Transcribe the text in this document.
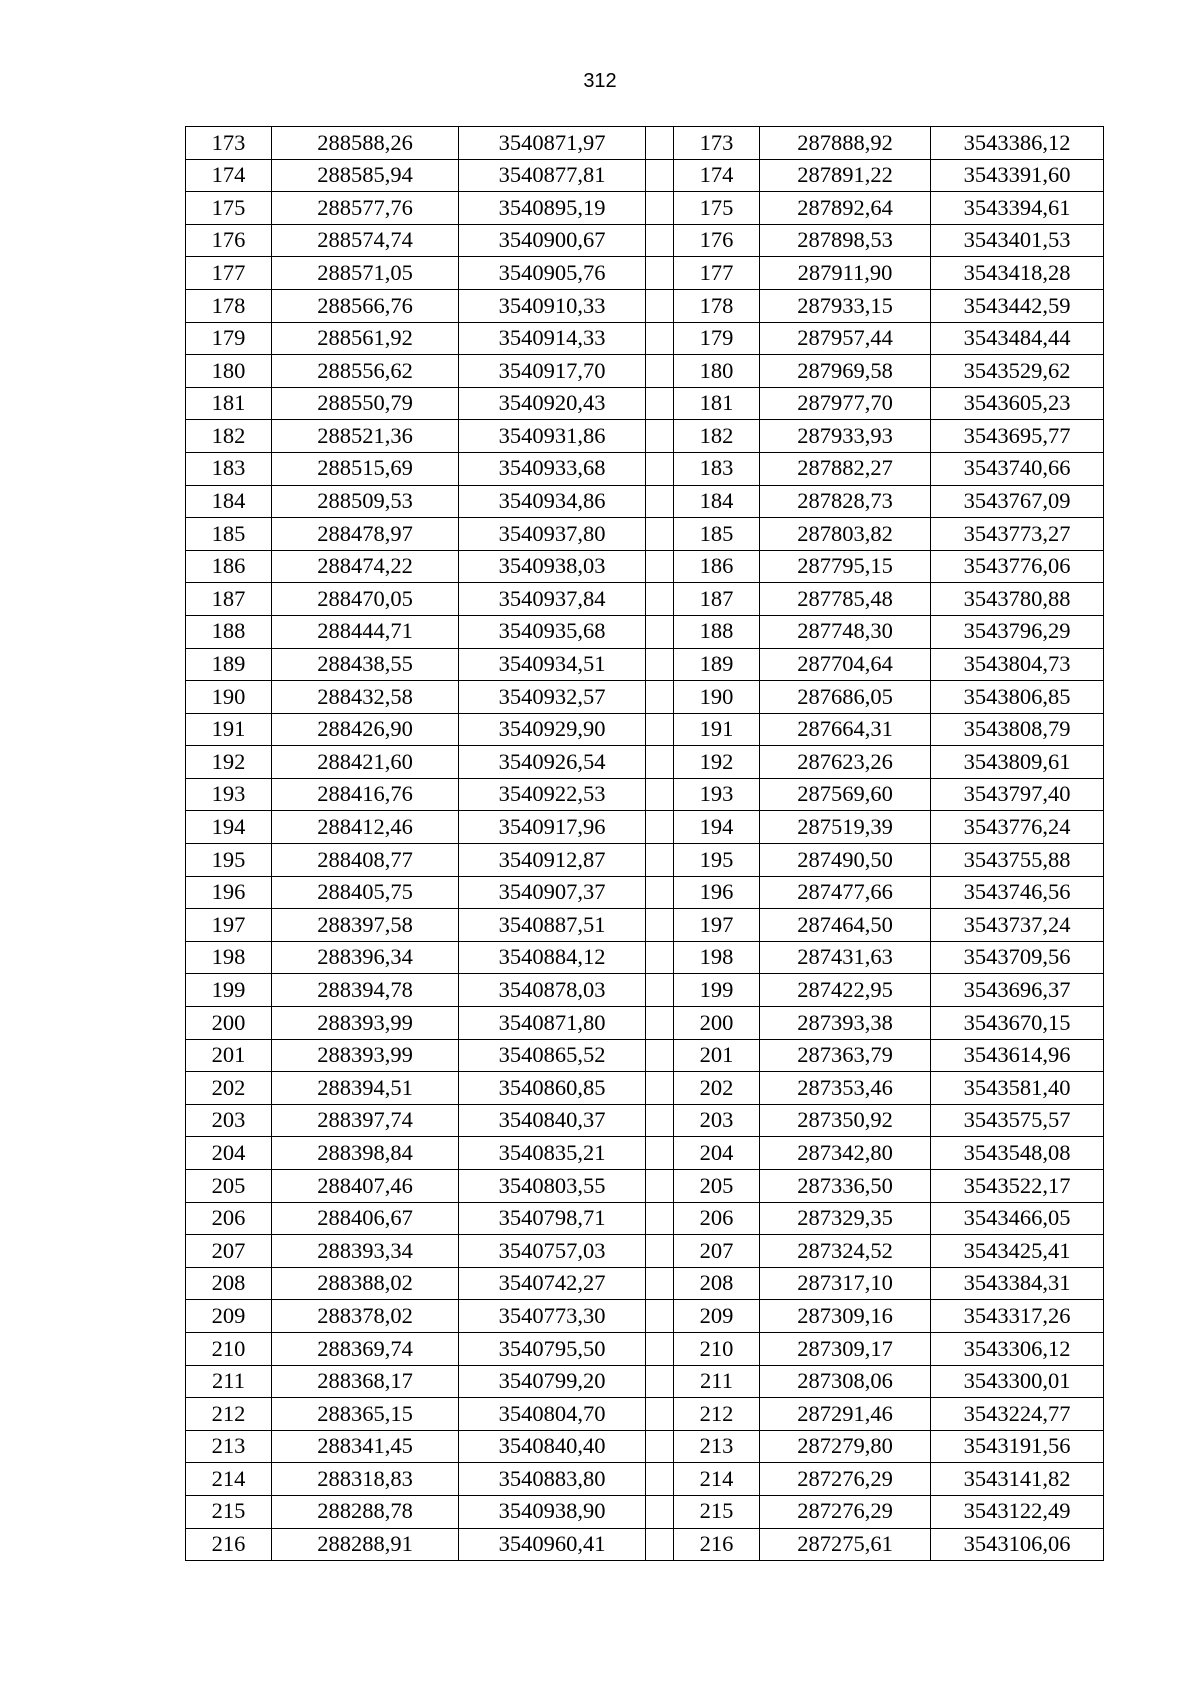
312
173	288588,26	3540871,97		173	287888,92	3543386,12
174	288585,94	3540877,81		174	287891,22	3543391,60
175	288577,76	3540895,19		175	287892,64	3543394,61
176	288574,74	3540900,67		176	287898,53	3543401,53
177	288571,05	3540905,76		177	287911,90	3543418,28
178	288566,76	3540910,33		178	287933,15	3543442,59
179	288561,92	3540914,33		179	287957,44	3543484,44
180	288556,62	3540917,70		180	287969,58	3543529,62
181	288550,79	3540920,43		181	287977,70	3543605,23
182	288521,36	3540931,86		182	287933,93	3543695,77
183	288515,69	3540933,68		183	287882,27	3543740,66
184	288509,53	3540934,86		184	287828,73	3543767,09
185	288478,97	3540937,80		185	287803,82	3543773,27
186	288474,22	3540938,03		186	287795,15	3543776,06
187	288470,05	3540937,84		187	287785,48	3543780,88
188	288444,71	3540935,68		188	287748,30	3543796,29
189	288438,55	3540934,51		189	287704,64	3543804,73
190	288432,58	3540932,57		190	287686,05	3543806,85
191	288426,90	3540929,90		191	287664,31	3543808,79
192	288421,60	3540926,54		192	287623,26	3543809,61
193	288416,76	3540922,53		193	287569,60	3543797,40
194	288412,46	3540917,96		194	287519,39	3543776,24
195	288408,77	3540912,87		195	287490,50	3543755,88
196	288405,75	3540907,37		196	287477,66	3543746,56
197	288397,58	3540887,51		197	287464,50	3543737,24
198	288396,34	3540884,12		198	287431,63	3543709,56
199	288394,78	3540878,03		199	287422,95	3543696,37
200	288393,99	3540871,80		200	287393,38	3543670,15
201	288393,99	3540865,52		201	287363,79	3543614,96
202	288394,51	3540860,85		202	287353,46	3543581,40
203	288397,74	3540840,37		203	287350,92	3543575,57
204	288398,84	3540835,21		204	287342,80	3543548,08
205	288407,46	3540803,55		205	287336,50	3543522,17
206	288406,67	3540798,71		206	287329,35	3543466,05
207	288393,34	3540757,03		207	287324,52	3543425,41
208	288388,02	3540742,27		208	287317,10	3543384,31
209	288378,02	3540773,30		209	287309,16	3543317,26
210	288369,74	3540795,50		210	287309,17	3543306,12
211	288368,17	3540799,20		211	287308,06	3543300,01
212	288365,15	3540804,70		212	287291,46	3543224,77
213	288341,45	3540840,40		213	287279,80	3543191,56
214	288318,83	3540883,80		214	287276,29	3543141,82
215	288288,78	3540938,90		215	287276,29	3543122,49
216	288288,91	3540960,41		216	287275,61	3543106,06
